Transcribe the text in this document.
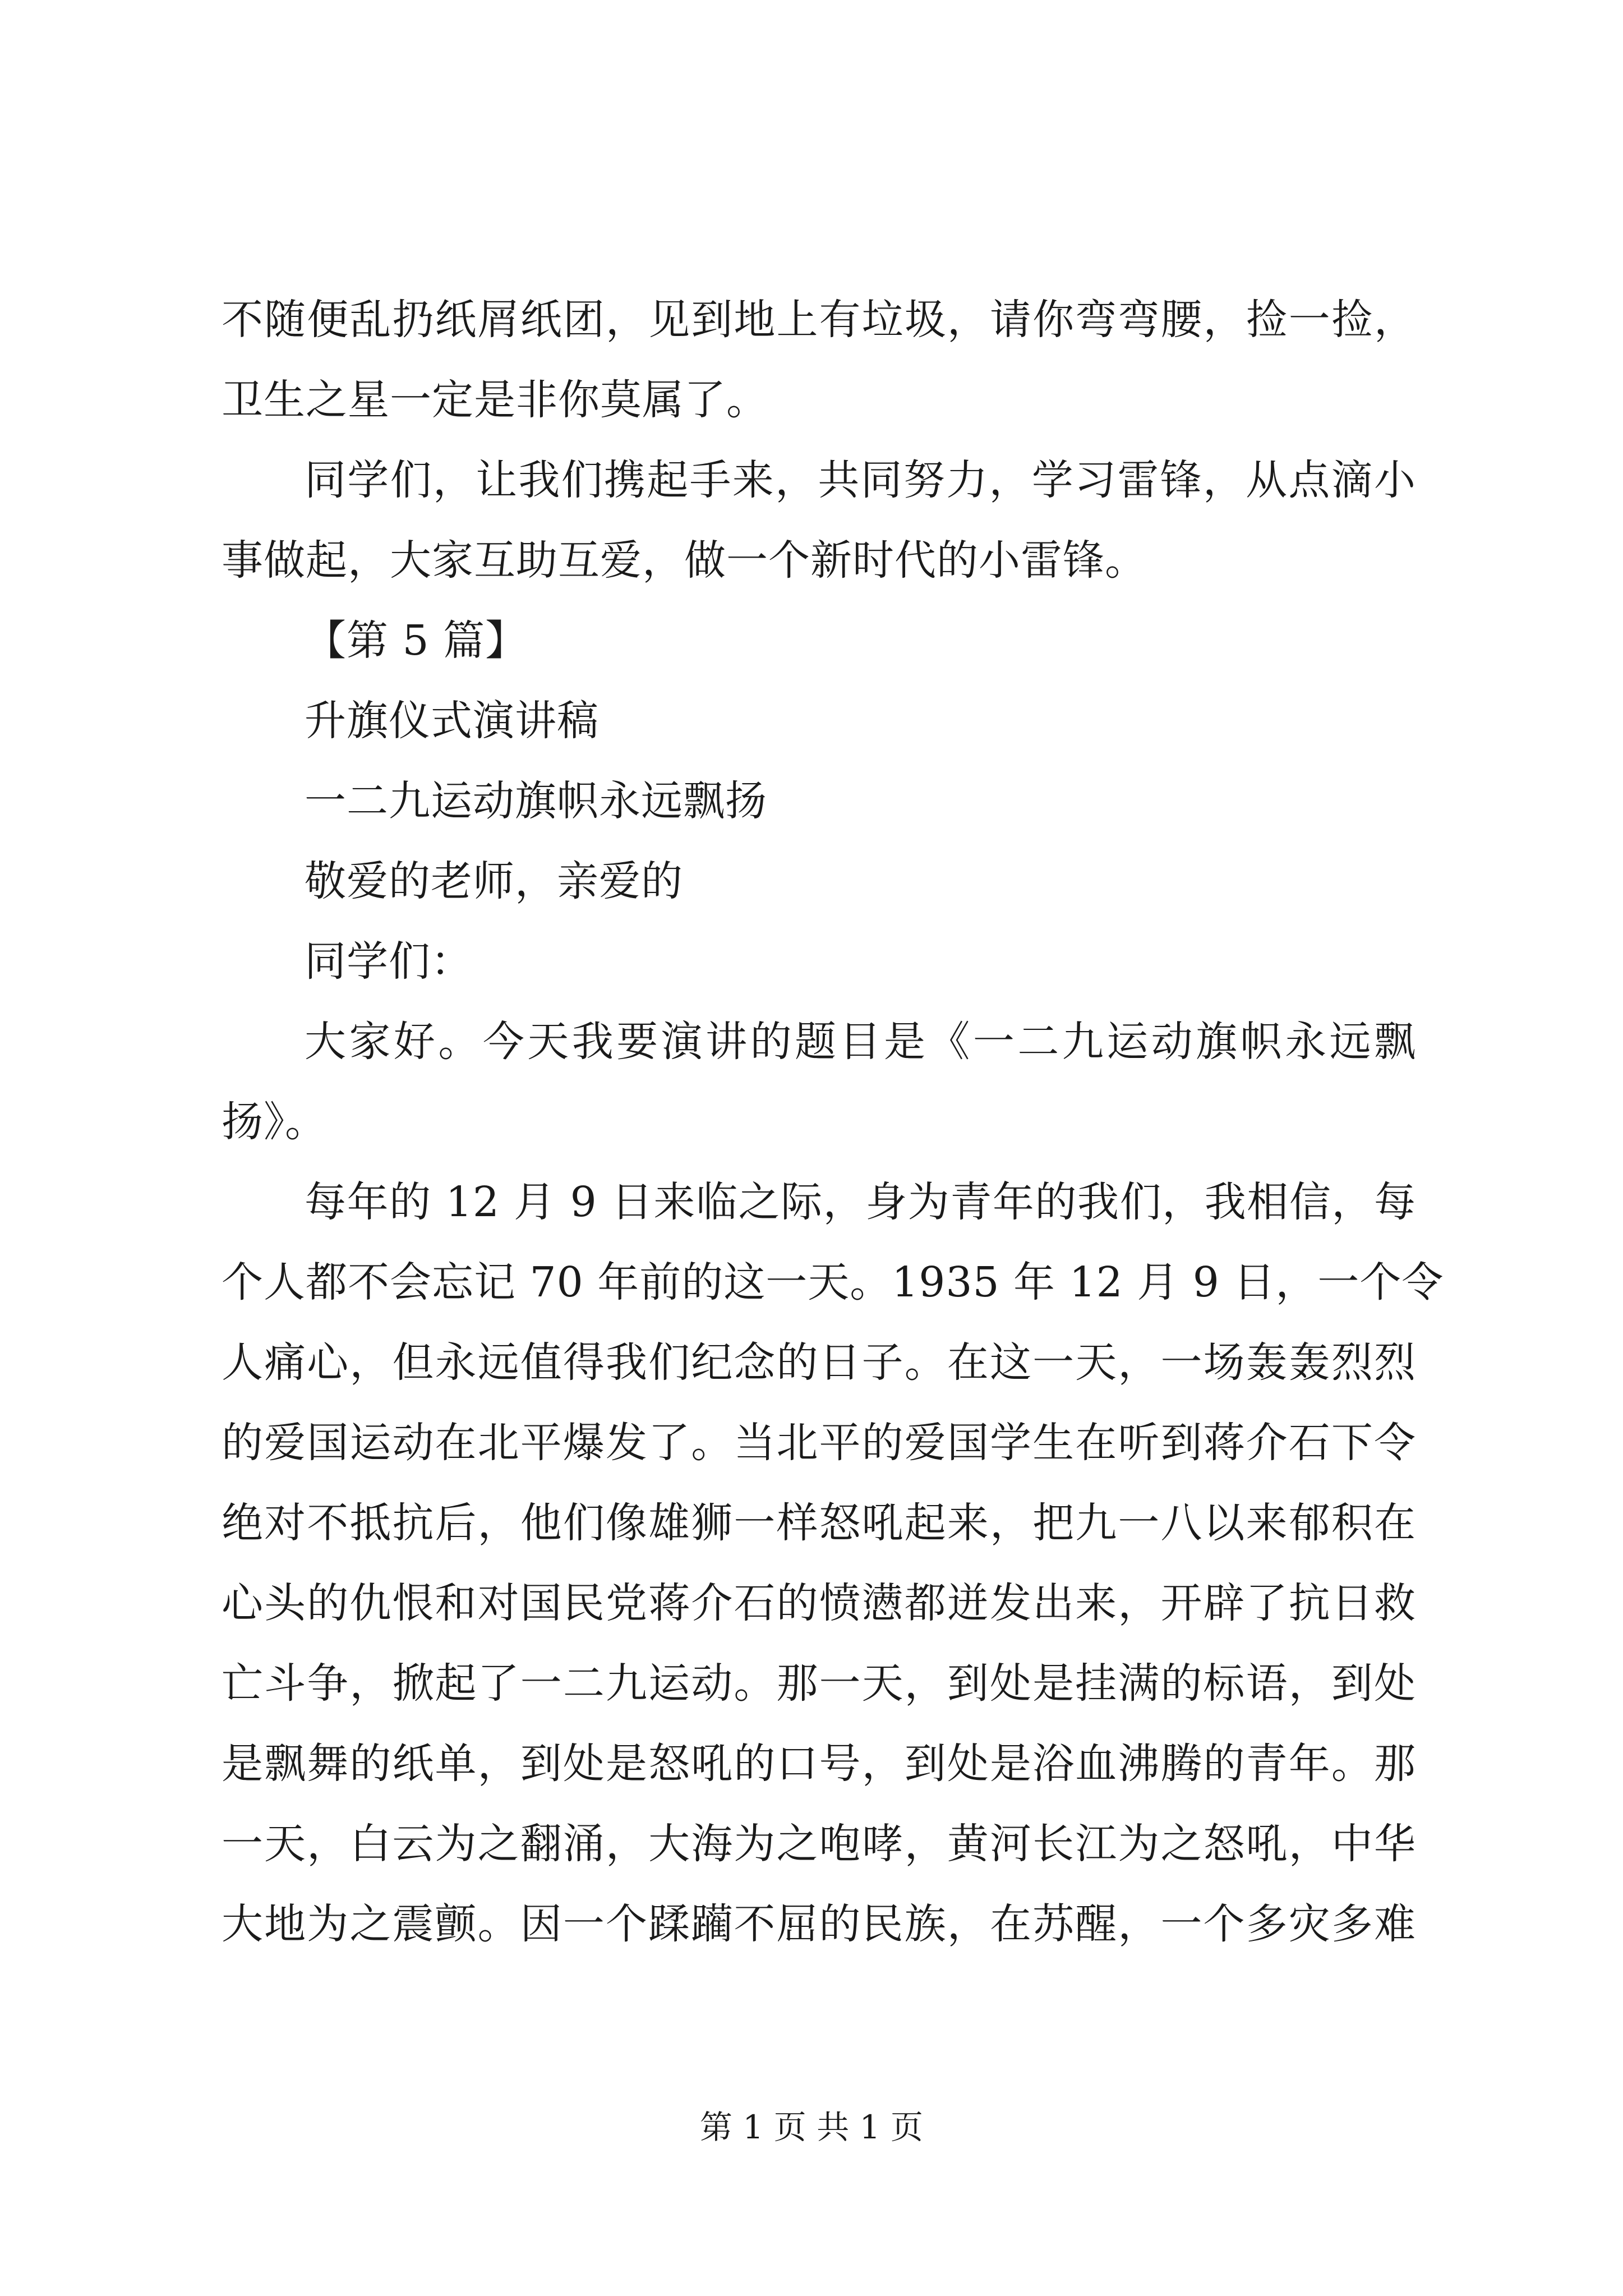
不随便乱扔纸屑纸团，见到地上有垃圾，请你弯弯腰，捡一捡，
卫生之星一定是非你莫属了。
同学们，让我们携起手来，共同努力，学习雷锋，从点滴小
事做起，大家互助互爱，做一个新时代的小雷锋。
【第 5 篇】
升旗仪式演讲稿
一二九运动旗帜永远飘扬
敬爱的老师，亲爱的
同学们：
大家好。今天我要演讲的题目是《一二九运动旗帜永远飘
扬》。
每年的 12 月 9 日来临之际，身为青年的我们，我相信，每
个人都不会忘记 70 年前的这一天。1935 年 12 月 9 日，一个令
人痛心，但永远值得我们纪念的日子。在这一天，一场轰轰烈烈
的爱国运动在北平爆发了。当北平的爱国学生在听到蒋介石下令
绝对不抵抗后，他们像雄狮一样怒吼起来，把九一八以来郁积在
心头的仇恨和对国民党蒋介石的愤懑都迸发出来，开辟了抗日救
亡斗争，掀起了一二九运动。那一天，到处是挂满的标语，到处
是飘舞的纸单，到处是怒吼的口号，到处是浴血沸腾的青年。那
一天，白云为之翻涌，大海为之咆哮，黄河长江为之怒吼，中华
大地为之震颤。因一个蹂躏不屈的民族，在苏醒，一个多灾多难
第 1 页 共 1 页
